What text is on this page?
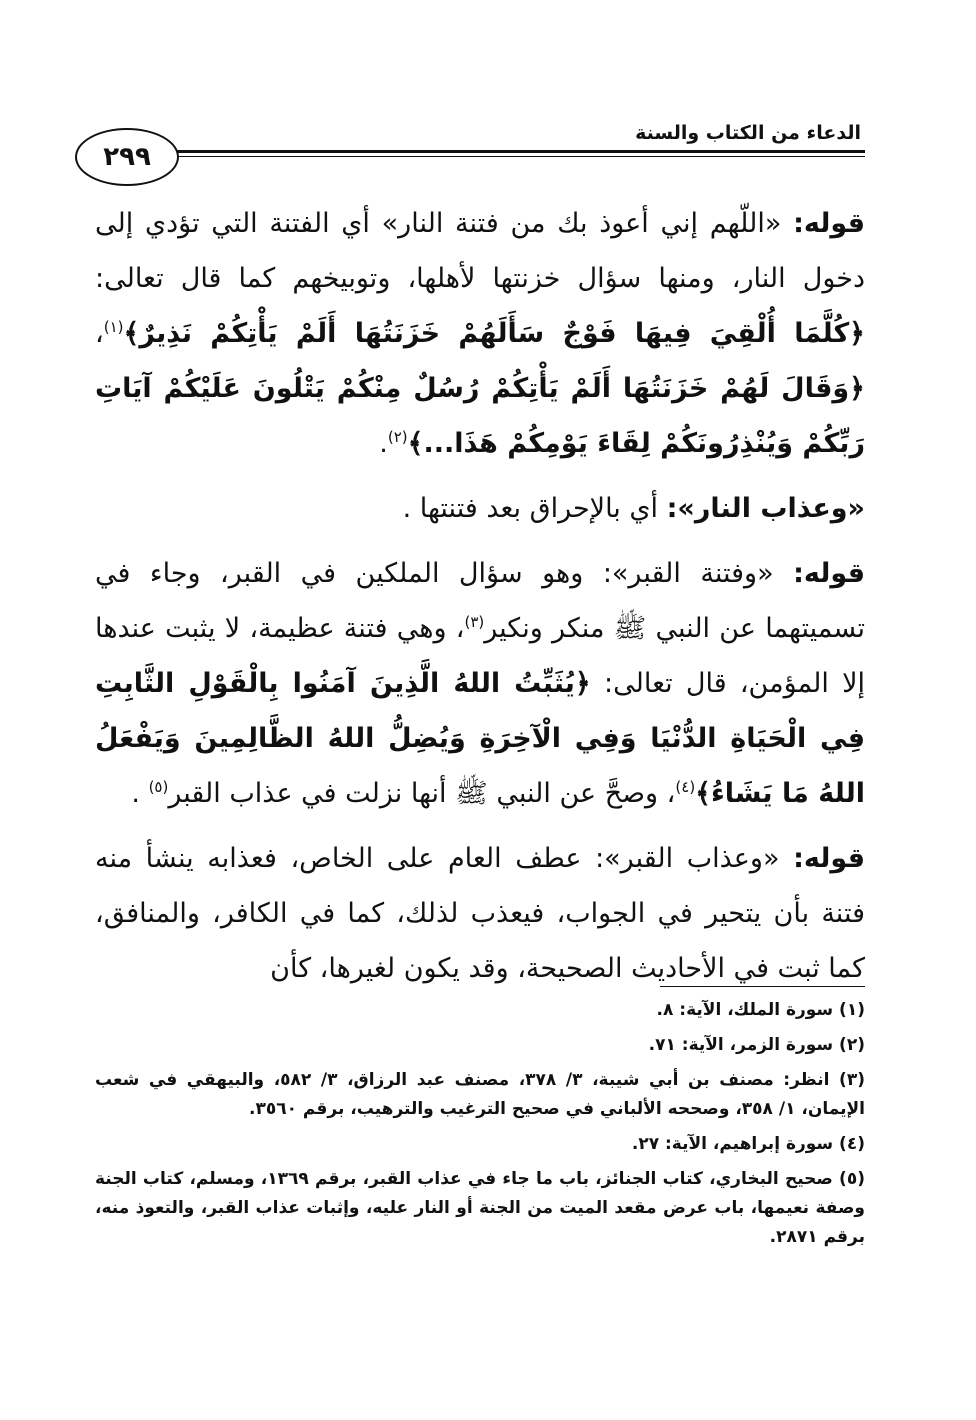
٢٩٩
الدعاء من الكتاب والسنة

قوله: «اللّهم إني أعوذ بك من فتنة النار» أي الفتنة التي تؤدي إلى دخول النار، ومنها سؤال خزنتها لأهلها، وتوبيخهم كما قال تعالى: ﴿كُلَّمَا أُلْقِيَ فِيهَا فَوْجٌ سَأَلَهُمْ خَزَنَتُهَا أَلَمْ يَأْتِكُمْ نَذِيرٌ﴾$^{(١)}$، ﴿وَقَالَ لَهُمْ خَزَنَتُهَا أَلَمْ يَأْتِكُمْ رُسُلٌ مِنْكُمْ يَتْلُونَ عَلَيْكُمْ آيَاتِ رَبِّكُمْ وَيُنْذِرُونَكُمْ لِقَاءَ يَوْمِكُمْ هَذَا...﴾$^{(٢)}$.

«وعذاب النار»: أي بالإحراق بعد فتنتها .

قوله: «وفتنة القبر»: وهو سؤال الملكين في القبر، وجاء في تسميتهما عن النبي ﷺ منكر ونكير$^{(٣)}$، وهي فتنة عظيمة، لا يثبت عندها إلا المؤمن، قال تعالى: ﴿يُثَبِّتُ اللهُ الَّذِينَ آمَنُوا بِالْقَوْلِ الثَّابِتِ فِي الْحَيَاةِ الدُّنْيَا وَفِي الْآخِرَةِ وَيُضِلُّ اللهُ الظَّالِمِينَ وَيَفْعَلُ اللهُ مَا يَشَاءُ﴾$^{(٤)}$، وصحَّ عن النبي ﷺ أنها نزلت في عذاب القبر$^{(٥)}$ .

قوله: «وعذاب القبر»: عطف العام على الخاص، فعذابه ينشأ منه فتنة بأن يتحير في الجواب، فيعذب لذلك، كما في الكافر، والمنافق، كما ثبت في الأحاديث الصحيحة، وقد يكون لغيرها، كأن

(١) سورة الملك، الآية: ٨.

(٢) سورة الزمر، الآية: ٧١.

(٣) انظر: مصنف بن أبي شيبة، ٣/ ٣٧٨، مصنف عبد الرزاق، ٣/ ٥٨٢، والبيهقي في شعب الإيمان، ١/ ٣٥٨، وصححه الألباني في صحيح الترغيب والترهيب، برقم ٣٥٦٠.

(٤) سورة إبراهيم، الآية: ٢٧.

(٥) صحيح البخاري، كتاب الجنائز، باب ما جاء في عذاب القبر، برقم ١٣٦٩، ومسلم، كتاب الجنة وصفة نعيمها، باب عرض مقعد الميت من الجنة أو النار عليه، وإثبات عذاب القبر، والتعوذ منه، برقم ٢٨٧١.
